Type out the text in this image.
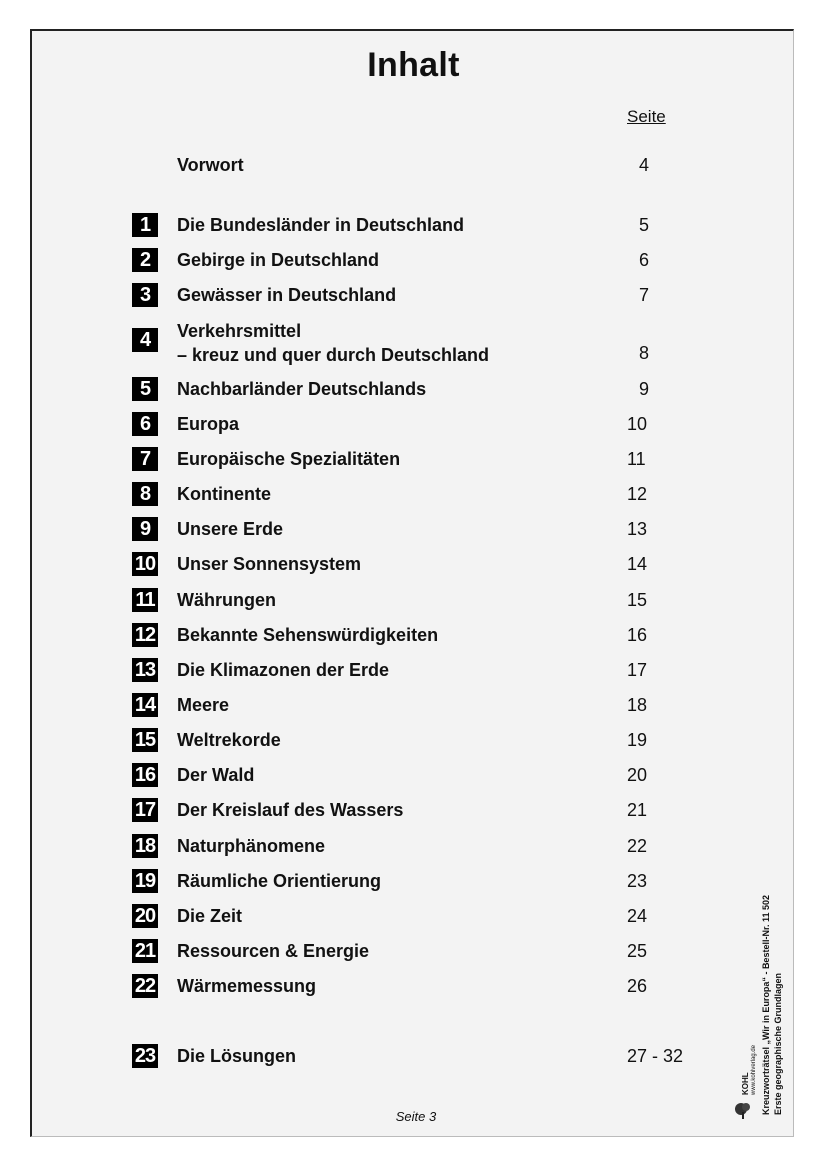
Inhalt
Seite
Vorwort	4
1	Die Bundesländer in Deutschland	5
2	Gebirge in Deutschland	6
3	Gewässer in Deutschland	7
4	Verkehrsmittel
– kreuz und quer durch Deutschland	8
5	Nachbarländer Deutschlands	9
6	Europa	10
7	Europäische Spezialitäten	11
8	Kontinente	12
9	Unsere Erde	13
10 Unser Sonnensystem	14
11 Währungen	15
12 Bekannte Sehenswürdigkeiten	16
13 Die Klimazonen der Erde	17
14 Meere	18
15 Weltrekorde	19
16 Der Wald	20
17 Der Kreislauf des Wassers	21
18 Naturphänomene	22
19 Räumliche Orientierung	23
20 Die Zeit	24
21 Ressourcen & Energie	25
22 Wärmemessung	26
23 Die Lösungen	27 - 32
Seite 3
Kreuzworträtsel „Wir in Europa“ - Bestell-Nr. 11 502 Erste geographische Grundlagen
KOHL www.kohlverlag.de
